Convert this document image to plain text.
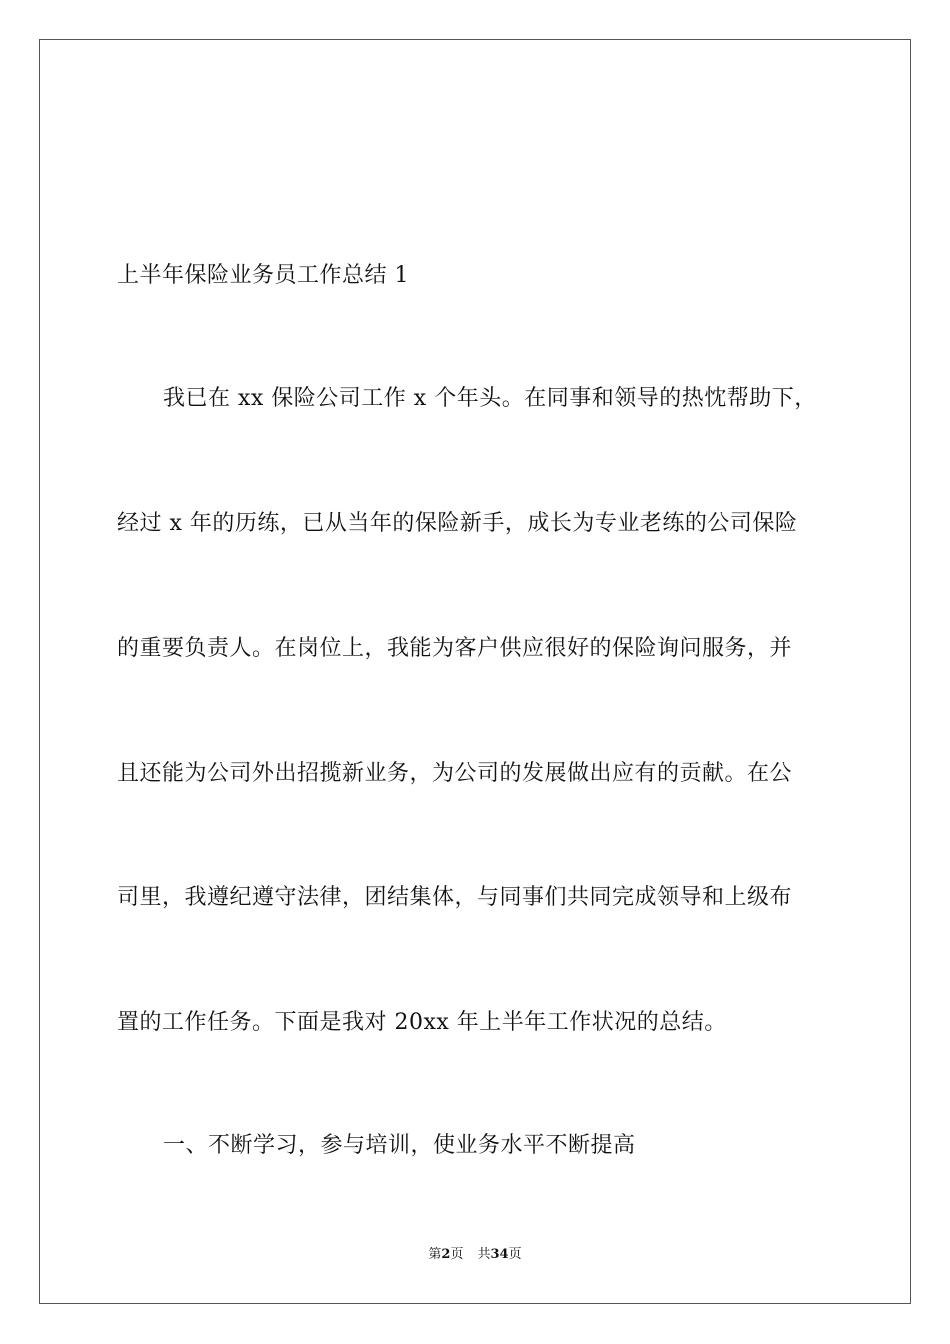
上半年保险业务员工作总结 1
我已在 xx 保险公司工作 x 个年头。在同事和领导的热忱帮助下，
经过 x 年的历练，已从当年的保险新手，成长为专业老练的公司保险
的重要负责人。在岗位上，我能为客户供应很好的保险询问服务，并
且还能为公司外出招揽新业务，为公司的发展做出应有的贡献。在公
司里，我遵纪遵守法律，团结集体，与同事们共同完成领导和上级布
置的工作任务。下面是我对 20xx 年上半年工作状况的总结。
一、不断学习，参与培训，使业务水平不断提高
第2页 共34页
